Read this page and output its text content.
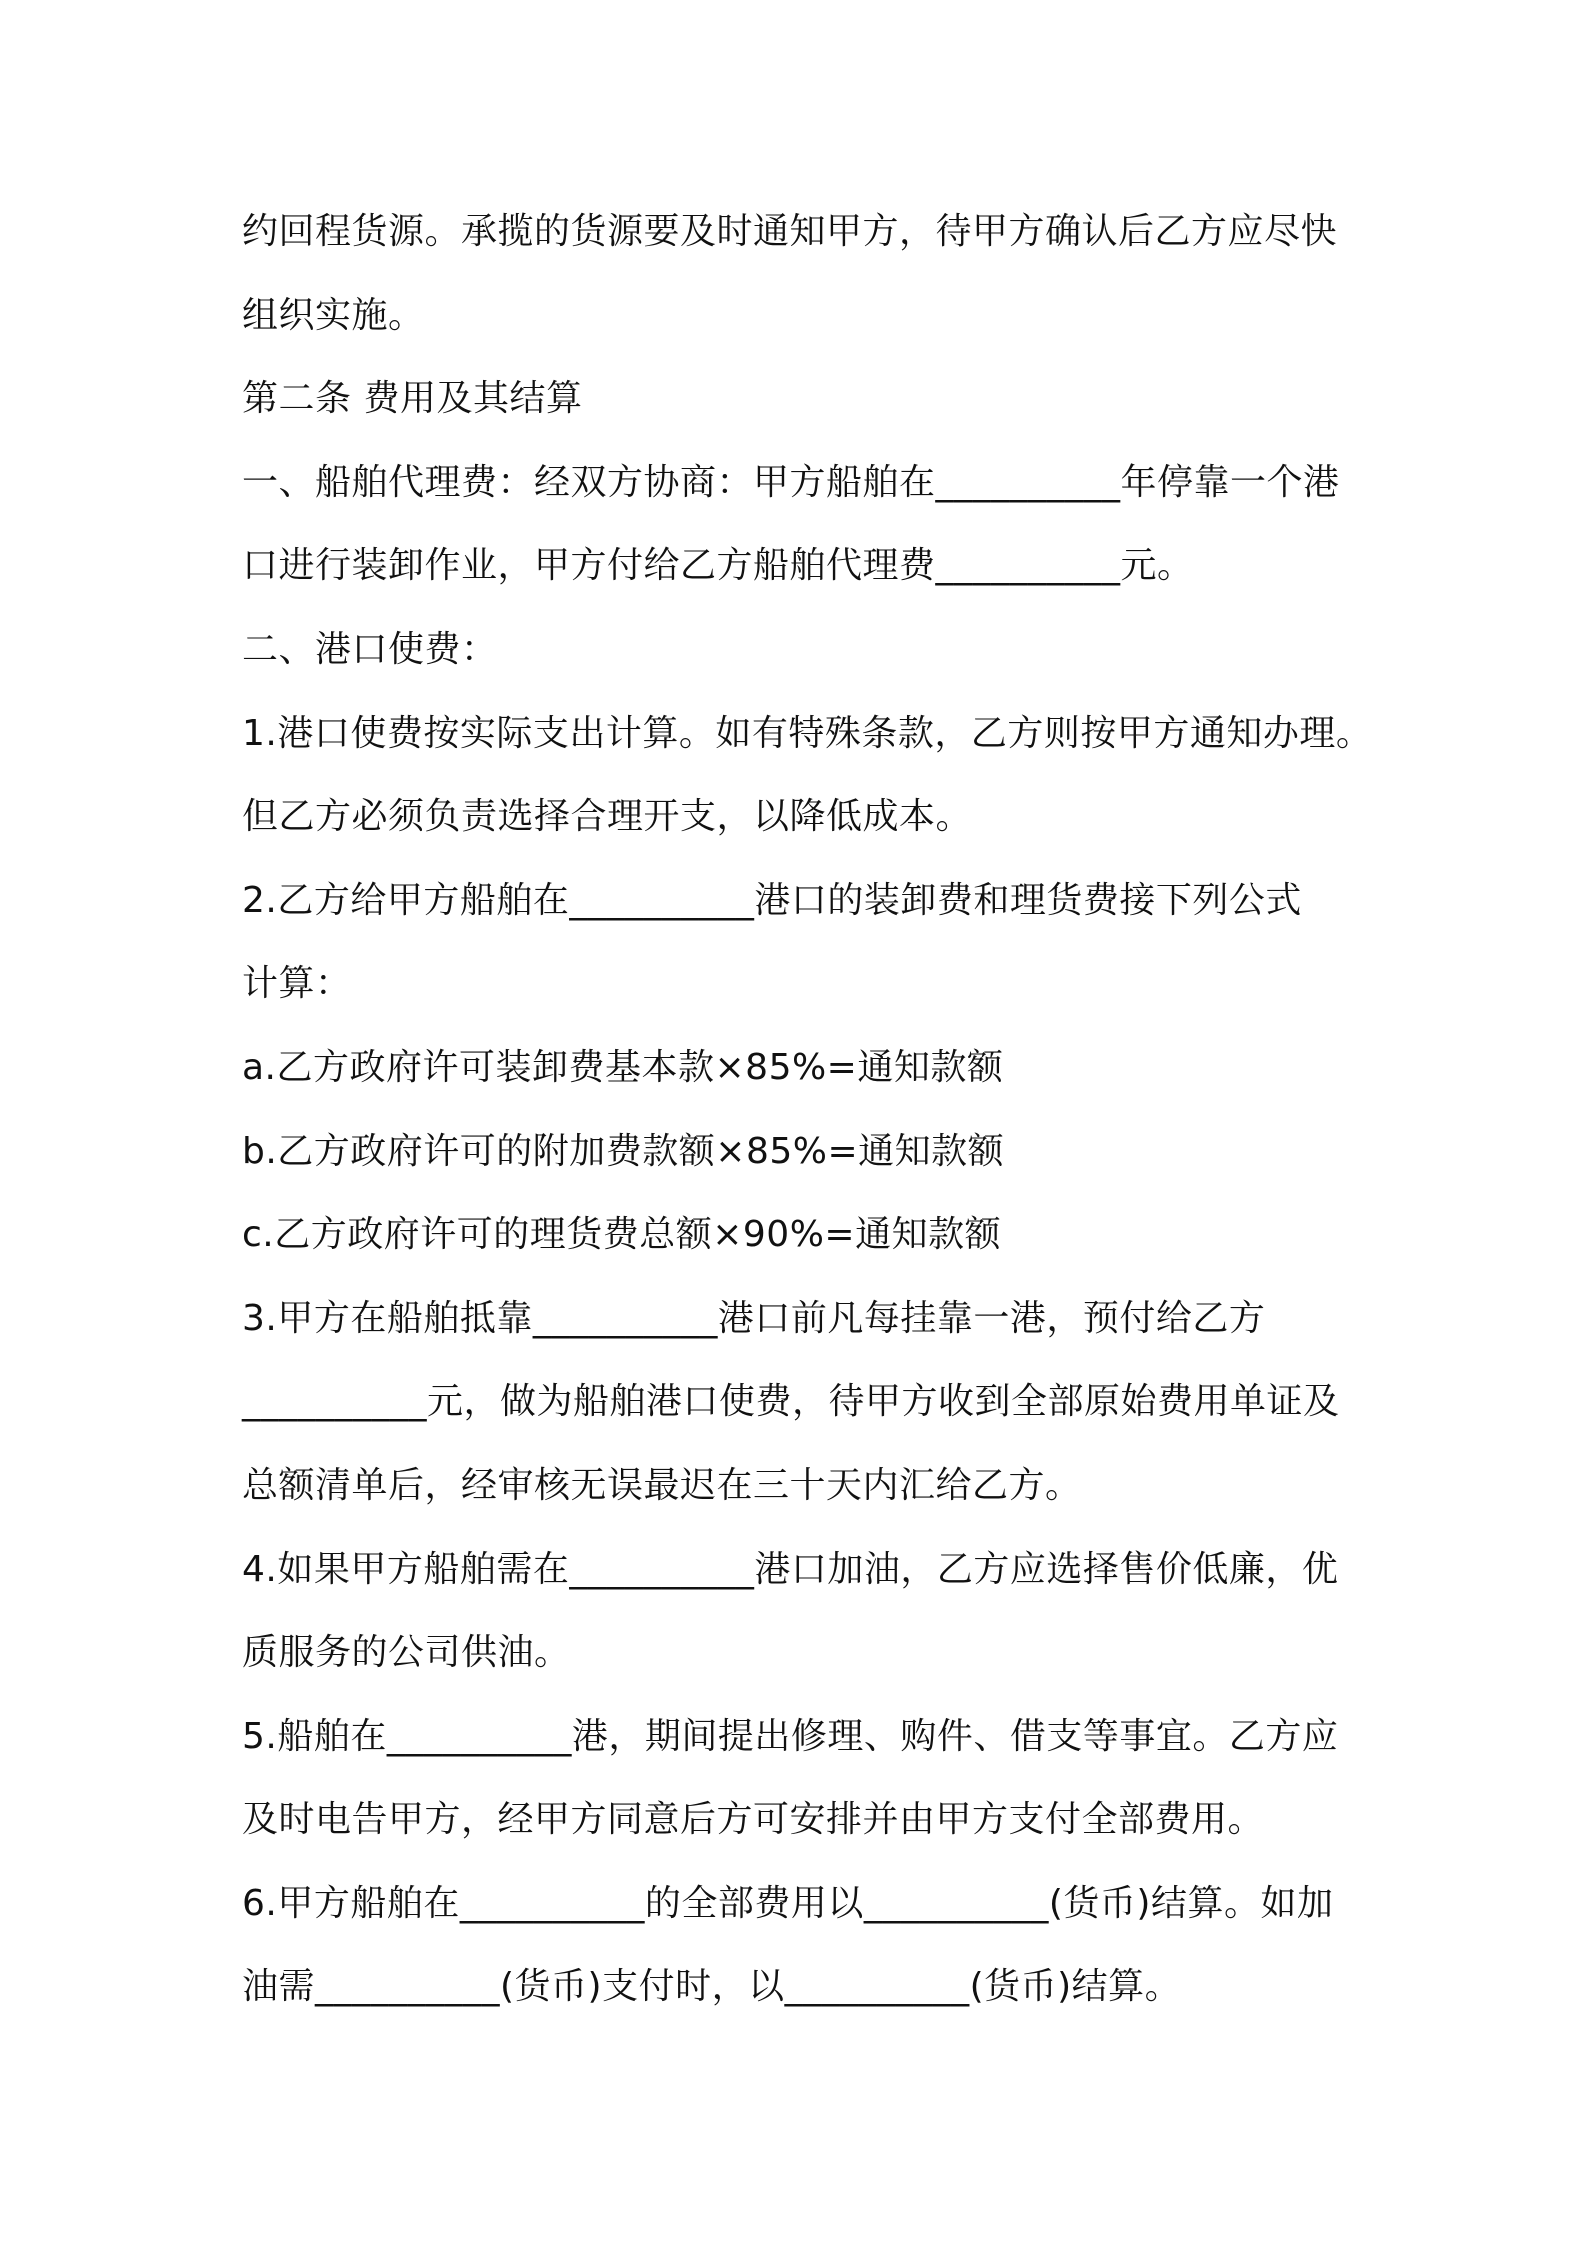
约回程货源。承揽的货源要及时通知甲方，待甲方确认后乙方应尽快
组织实施。
第二条 费用及其结算
一、船舶代理费：经双方协商：甲方船舶在__________年停靠一个港
口进行装卸作业，甲方付给乙方船舶代理费__________元。
二、港口使费：
1.港口使费按实际支出计算。如有特殊条款，乙方则按甲方通知办理。
但乙方必须负责选择合理开支，以降低成本。
2.乙方给甲方船舶在__________港口的装卸费和理货费接下列公式
计算：
a.乙方政府许可装卸费基本款×85%=通知款额
b.乙方政府许可的附加费款额×85%=通知款额
c.乙方政府许可的理货费总额×90%=通知款额
3.甲方在船舶抵靠__________港口前凡每挂靠一港，预付给乙方
__________元，做为船舶港口使费，待甲方收到全部原始费用单证及
总额清单后，经审核无误最迟在三十天内汇给乙方。
4.如果甲方船舶需在__________港口加油，乙方应选择售价低廉，优
质服务的公司供油。
5.船舶在__________港，期间提出修理、购件、借支等事宜。乙方应
及时电告甲方，经甲方同意后方可安排并由甲方支付全部费用。
6.甲方船舶在__________的全部费用以__________(货币)结算。如加
油需__________(货币)支付时，以__________(货币)结算。
